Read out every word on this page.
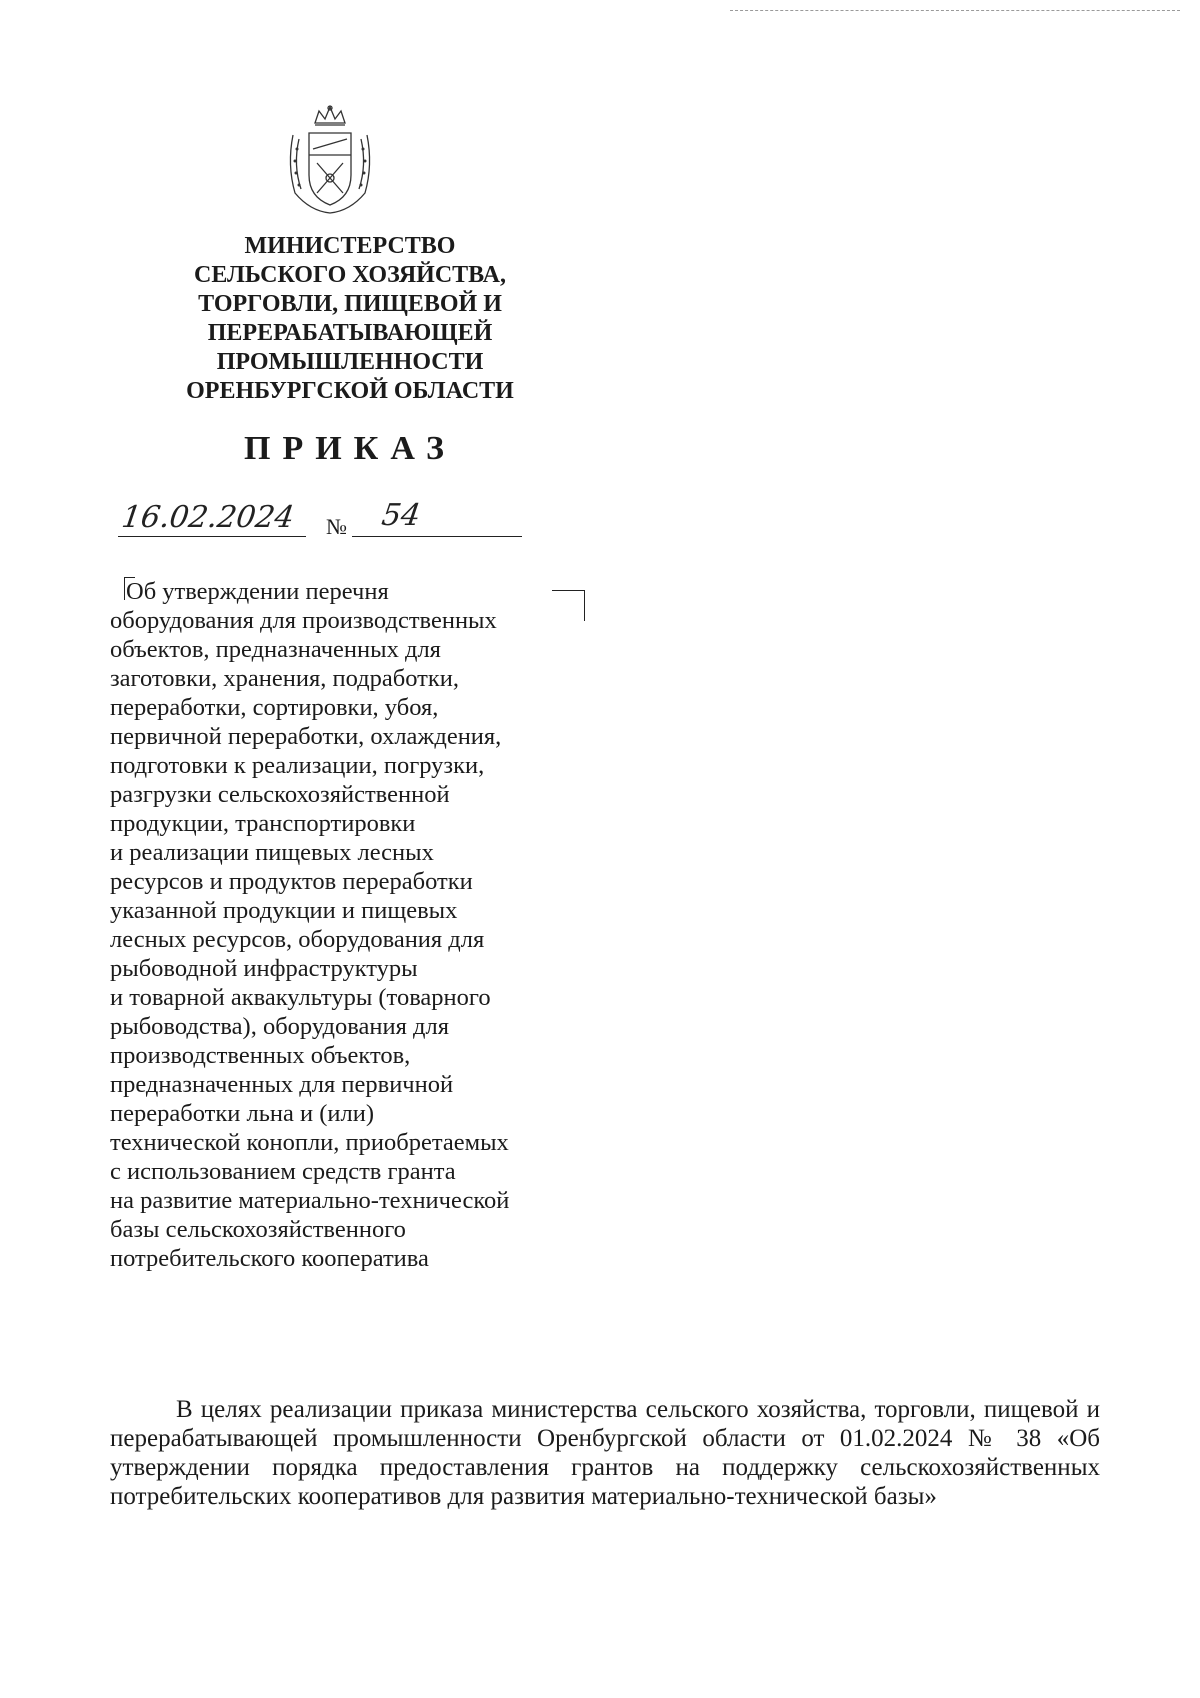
МИНИСТЕРСТВО
СЕЛЬСКОГО ХОЗЯЙСТВА,
ТОРГОВЛИ, ПИЩЕВОЙ И
ПЕРЕРАБАТЫВАЮЩЕЙ
ПРОМЫШЛЕННОСТИ
ОРЕНБУРГСКОЙ ОБЛАСТИ
ПРИКАЗ
16.02.2024 № 54
Об утверждении перечня
оборудования для производственных
объектов, предназначенных для
заготовки, хранения, подработки,
переработки, сортировки, убоя,
первичной переработки, охлаждения,
подготовки к реализации, погрузки,
разгрузки сельскохозяйственной
продукции, транспортировки
и реализации пищевых лесных
ресурсов и продуктов переработки
указанной продукции и пищевых
лесных ресурсов, оборудования для
рыбоводной инфраструктуры
и товарной аквакультуры (товарного
рыбоводства), оборудования для
производственных объектов,
предназначенных для первичной
переработки льна и (или)
технической конопли, приобретаемых
с использованием средств гранта
на развитие материально-технической
базы сельскохозяйственного
потребительского кооператива
В целях реализации приказа министерства сельского хозяйства, торговли, пищевой и перерабатывающей промышленности Оренбургской области от 01.02.2024 № 38 «Об утверждении порядка предоставления грантов на поддержку сельскохозяйственных потребительских кооперативов для развития материально-технической базы»
